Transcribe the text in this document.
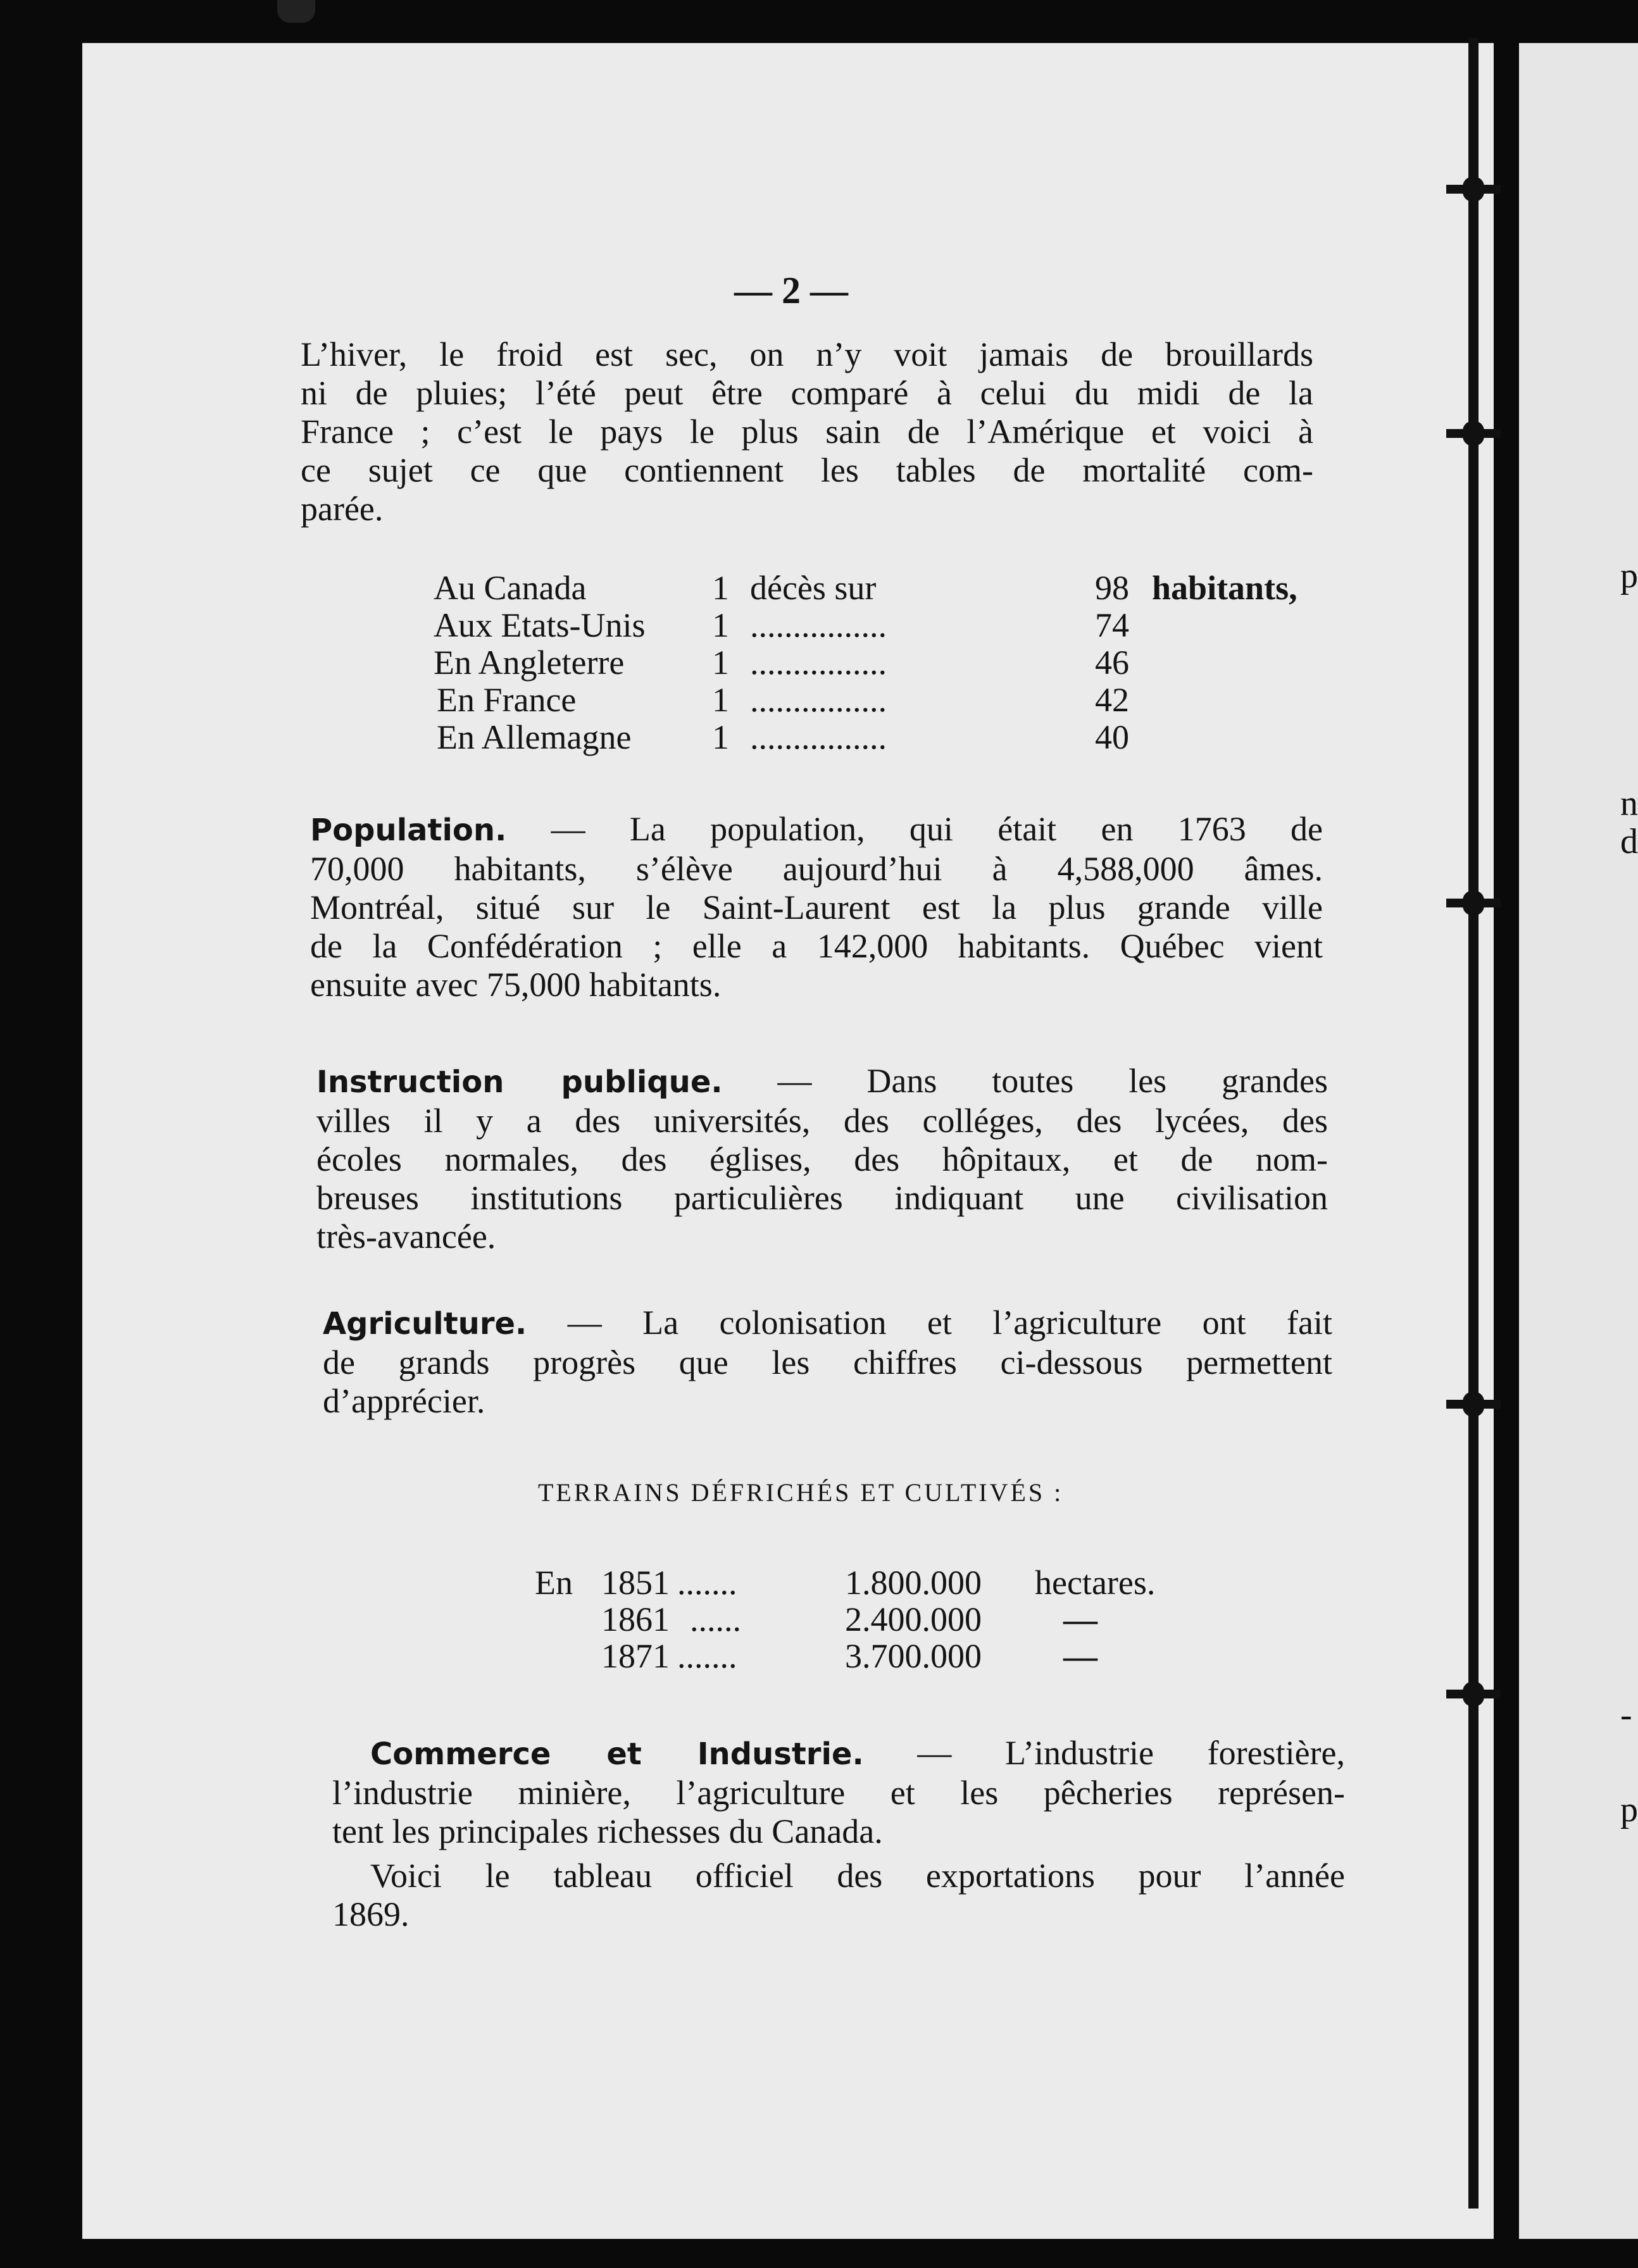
p
n
d
-
p
— 2 —
L’hiver, le froid est sec, on n’y voit jamais de brouillards
ni de pluies; l’été peut être comparé à celui du midi de la
France ; c’est le pays le plus sain de l’Amérique et voici à
ce sujet ce que contiennent les tables de mortalité com-
parée.
Au Canada	1 décès sur	98 habitants,
Aux Etats-Unis 1 ................	74
En Angleterre	1 ................	46
En France	1 ................	42
En Allemagne 1 ................	40
Population. — La population, qui était en 1763 de
70,000 habitants, s’élève aujourd’hui à 4,588,000 âmes.
Montréal, situé sur le Saint-Laurent est la plus grande ville
de la Confédération ; elle a 142,000 habitants. Québec vient
ensuite avec 75,000 habitants.
Instruction publique. — Dans toutes les grandes
villes il y a des universités, des colléges, des lycées, des
écoles normales, des églises, des hôpitaux, et de nom-
breuses institutions particulières indiquant une civilisation
très-avancée.
Agriculture. — La colonisation et l’agriculture ont fait
de grands progrès que les chiffres ci-dessous permettent
d’apprécier.
TERRAINS DÉFRICHÉS ET CULTIVÉS :
En 1851 .......	1.800.000 hectares.
1861 ......	2.400.000 —
1871 .......	3.700.000 —
Commerce et Industrie. — L’industrie forestière,
l’industrie minière, l’agriculture et les pêcheries représen-
tent les principales richesses du Canada.
Voici le tableau officiel des exportations pour l’année
1869.
